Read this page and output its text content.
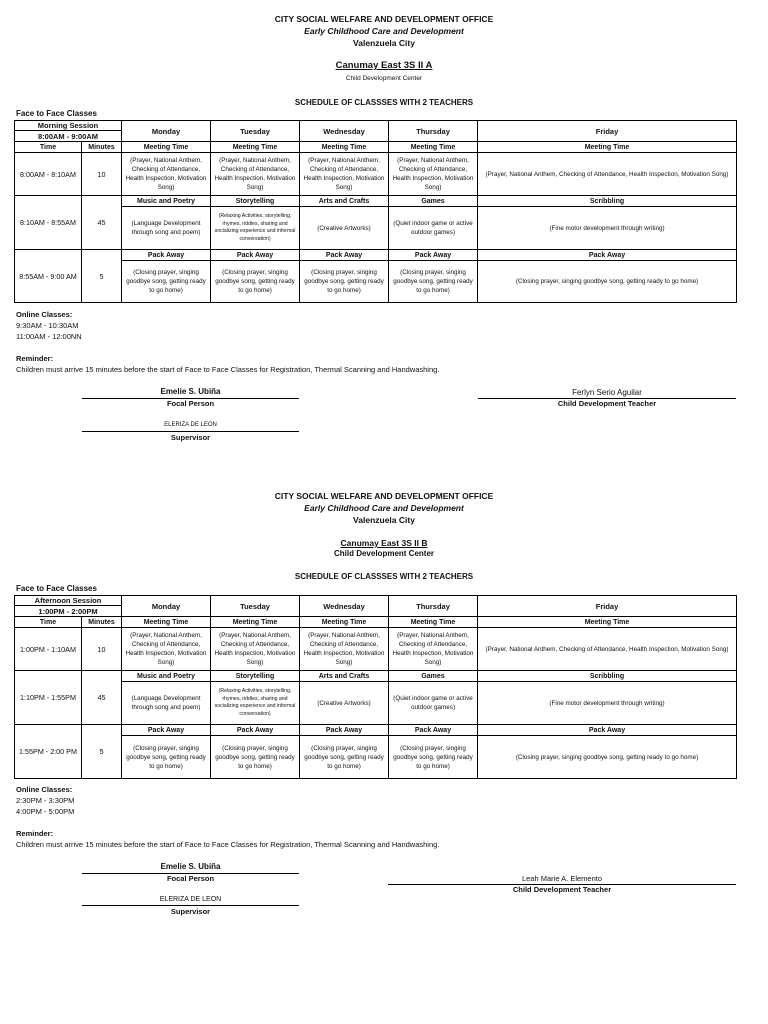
CITY SOCIAL WELFARE AND DEVELOPMENT OFFICE
Early Childhood Care and Development
Valenzuela City
Canumay East 3S II A
Child Development Center
SCHEDULE OF CLASSSES WITH 2 TEACHERS
Face to Face Classes
Morning Session		Monday	Tuesday	Wednesday	Thursday	Friday
8:00AM - 9:00AM						
Time	Minutes	Meeting Time	Meeting Time	Meeting Time	Meeting Time	Meeting Time
8:00AM - 8:10AM	10	(Prayer, National Anthem, Checking of Attendance, Health Inspection, Motivation Song)	(Prayer, National Anthem, Checking of Attendance, Health Inspection, Motivation Song)	(Prayer, National Anthem, Checking of Attendance, Health Inspection, Motivation Song)	(Prayer, National Anthem, Checking of Attendance, Health Inspection, Motivation Song)	(Prayer, National Anthem, Checking of Attendance, Health Inspection, Motivation Song)
8:10AM - 8:55AM	45	Music and Poetry	Storytelling	Arts and Crafts	Games	Scribbling
		(Language Development through song and poem)	(Relaxing Activities, storytelling, rhymes, riddles, sharing and socializing experience and informal conversation)	(Creative Artworks)	(Quiet indoor game or active outdoor games)	(Fine motor development through writing)
8:55AM - 9:00 AM	5	Pack Away	Pack Away	Pack Away	Pack Away	Pack Away
		(Closing prayer, singing goodbye song, getting ready to go home)	(Closing prayer, singing goodbye song, getting ready to go home)	(Closing prayer, singing goodbye song, getting ready to go home)	(Closing prayer, singing goodbye song, getting ready to go home)	(Closing prayer, singing goodbye song, getting ready to go home)
Online Classes:
9:30AM - 10:30AM
11:00AM - 12:00NN
Reminder:
Children must arrive 15 minutes before the start of Face to Face Classes for Registration, Thermal Scanning and Handwashing.
Emelie S. Ubiña
Focal Person
ELERIZA DE LEON
Supervisor
Ferlyn Serio Aguilar
Child Development Teacher
CITY SOCIAL WELFARE AND DEVELOPMENT OFFICE
Early Childhood Care and Development
Valenzuela City
Canumay East 3S II B
Child Development Center
SCHEDULE OF CLASSSES WITH 2 TEACHERS
Face to Face Classes
Afternoon Session		Monday	Tuesday	Wednesday	Thursday	Friday
1:00PM - 2:00PM						
Time	Minutes	Meeting Time	Meeting Time	Meeting Time	Meeting Time	Meeting Time
1:00PM - 1:10AM	10	(Prayer, National Anthem, Checking of Attendance, Health Inspection, Motivation Song)	(Prayer, National Anthem, Checking of Attendance, Health Inspection, Motivation Song)	(Prayer, National Anthem, Checking of Attendance, Health Inspection, Motivation Song)	(Prayer, National Anthem, Checking of Attendance, Health Inspection, Motivation Song)	(Prayer, National Anthem, Checking of Attendance, Health Inspection, Motivation Song)
1:10PM - 1:55PM	45	Music and Poetry	Storytelling	Arts and Crafts	Games	Scribbling
		(Language Development through song and poem)	(Relaxing Activities, storytelling, rhymes, riddles, sharing and socializing experience and informal conversation)	(Creative Artworks)	(Quiet indoor game or active outdoor games)	(Fine motor development through writing)
1:55PM - 2:00 PM	5	Pack Away	Pack Away	Pack Away	Pack Away	Pack Away
		(Closing prayer, singing goodbye song, getting ready to go home)	(Closing prayer, singing goodbye song, getting ready to go home)	(Closing prayer, singing goodbye song, getting ready to go home)	(Closing prayer, singing goodbye song, getting ready to go home)	(Closing prayer, singing goodbye song, getting ready to go home)
Online Classes:
2:30PM - 3:30PM
4:00PM - 5:00PM
Reminder:
Children must arrive 15 minutes before the start of Face to Face Classes for Registration, Thermal Scanning and Handwashing.
Emelie S. Ubiña
Focal Person
ELERIZA DE LEON
Supervisor
Leah Marie A. Elemento
Child Development Teacher
